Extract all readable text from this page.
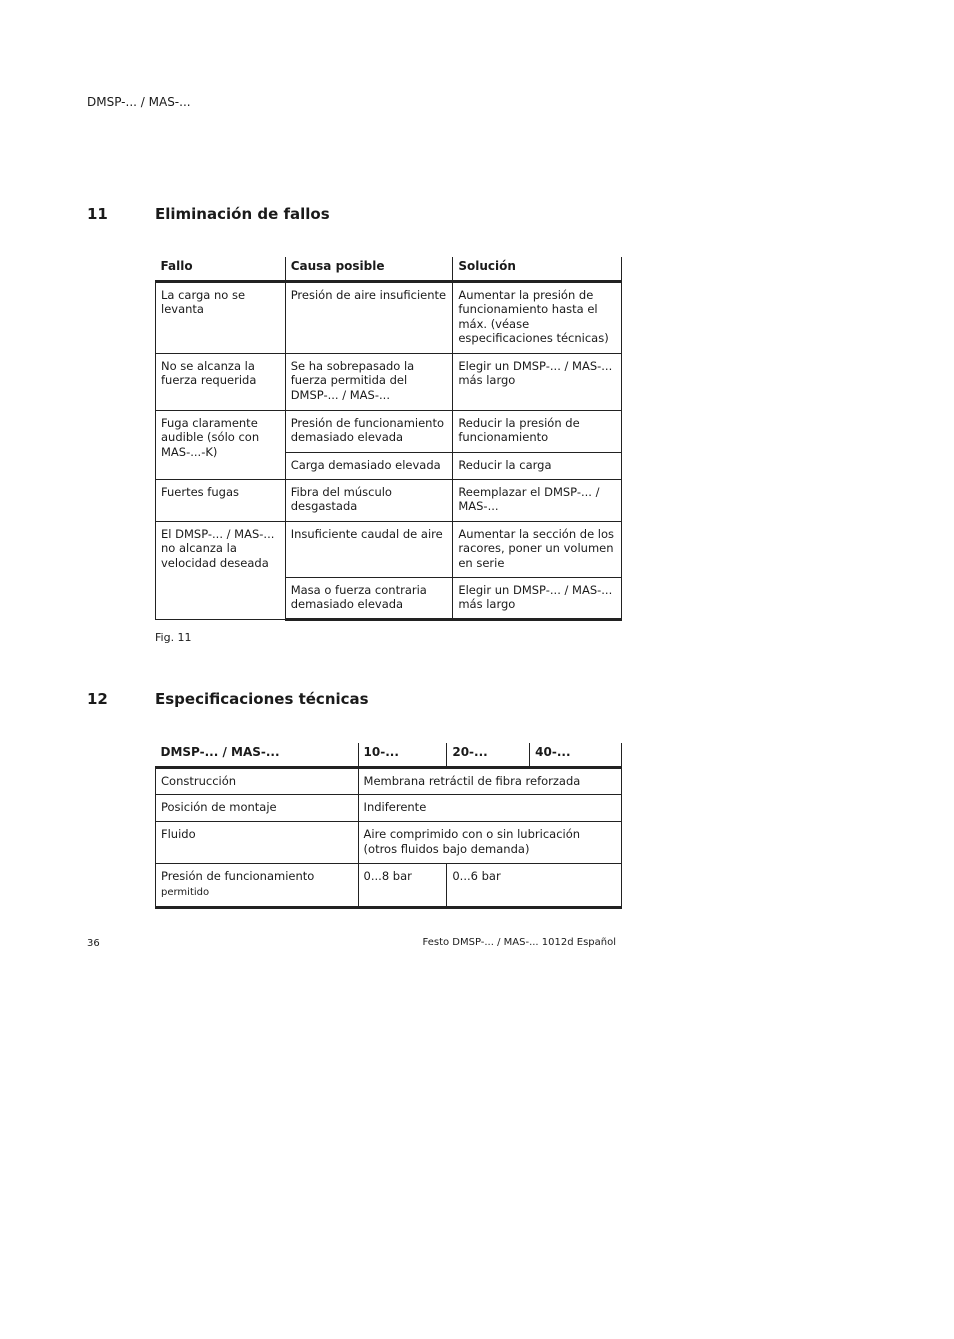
DMSP-... / MAS-...
11	Eliminación de fallos
Fallo	Causa posible	Solución
La carga no se levanta	Presión de aire insuficiente	Aumentar la presión de funcionamiento hasta el máx. (véase especificaciones técnicas)
No se alcanza la fuerza requerida	Se ha sobrepasado la fuerza permitida del DMSP-... / MAS-...	Elegir un DMSP-... / MAS-... más largo
Fuga claramente audible (sólo con MAS-...-K)	Presión de funcionamiento demasiado elevada	Reducir la presión de funcionamiento
	Carga demasiado elevada	Reducir la carga
Fuertes fugas	Fibra del músculo desgastada	Reemplazar el DMSP-... / MAS-...
El DMSP-... / MAS-... no alcanza la velocidad deseada	Insuficiente caudal de aire	Aumentar la sección de los racores, poner un volumen en serie
	Masa o fuerza contraria demasiado elevada	Elegir un DMSP-... / MAS-... más largo
Fig. 11
12	Especificaciones técnicas
DMSP-... / MAS-...	10-...	20-...	40-...
Construcción	Membrana retráctil de fibra reforzada		
Posición de montaje	Indiferente		
Fluido	Aire comprimido con o sin lubricación (otros fluidos bajo demanda)		
Presión de funcionamiento permitido	0...8 bar	0...6 bar	
36	Festo DMSP-... / MAS-... 1012d Español
